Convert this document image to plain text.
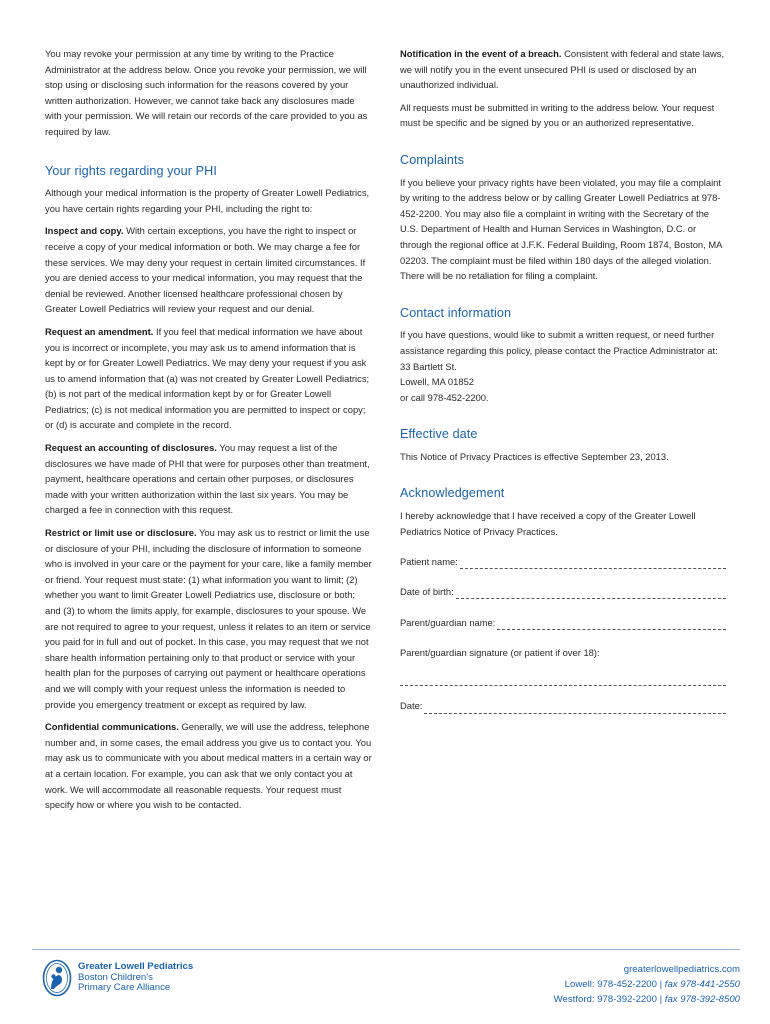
You may revoke your permission at any time by writing to the Practice Administrator at the address below. Once you revoke your permission, we will stop using or disclosing such information for the reasons covered by your written authorization. However, we cannot take back any disclosures made with your permission. We will retain our records of the care provided to you as required by law.

Your rights regarding your PHI

Although your medical information is the property of Greater Lowell Pediatrics, you have certain rights regarding your PHI, including the right to:

Inspect and copy. With certain exceptions, you have the right to inspect or receive a copy of your medical information or both. We may charge a fee for these services. We may deny your request in certain limited circumstances. If you are denied access to your medical information, you may request that the denial be reviewed. Another licensed healthcare professional chosen by Greater Lowell Pediatrics will review your request and our denial.

Request an amendment. If you feel that medical information we have about you is incorrect or incomplete, you may ask us to amend information that is kept by or for Greater Lowell Pediatrics. We may deny your request if you ask us to amend information that (a) was not created by Greater Lowell Pediatrics; (b) is not part of the medical information kept by or for Greater Lowell Pediatrics; (c) is not medical information you are permitted to inspect or copy; or (d) is accurate and complete in the record.

Request an accounting of disclosures. You may request a list of the disclosures we have made of PHI that were for purposes other than treatment, payment, healthcare operations and certain other purposes, or disclosures made with your written authorization within the last six years. You may be charged a fee in connection with this request.

Restrict or limit use or disclosure. You may ask us to restrict or limit the use or disclosure of your PHI, including the disclosure of information to someone who is involved in your care or the payment for your care, like a family member or friend. Your request must state: (1) what information you want to limit; (2) whether you want to limit Greater Lowell Pediatrics use, disclosure or both; and (3) to whom the limits apply, for example, disclosures to your spouse. We are not required to agree to your request, unless it relates to an item or service you paid for in full and out of pocket. In this case, you may request that we not share health information pertaining only to that product or service with your health plan for the purposes of carrying out payment or healthcare operations and we will comply with your request unless the information is needed to provide you emergency treatment or except as required by law.

Confidential communications. Generally, we will use the address, telephone number and, in some cases, the email address you give us to contact you. You may ask us to communicate with you about medical matters in a certain way or at a certain location. For example, you can ask that we only contact you at work. We will accommodate all reasonable requests. Your request must specify how or where you wish to be contacted.

Notification in the event of a breach. Consistent with federal and state laws, we will notify you in the event unsecured PHI is used or disclosed by an unauthorized individual.

All requests must be submitted in writing to the address below. Your request must be specific and be signed by you or an authorized representative.

Complaints

If you believe your privacy rights have been violated, you may file a complaint by writing to the address below or by calling Greater Lowell Pediatrics at 978-452-2200. You may also file a complaint in writing with the Secretary of the U.S. Department of Health and Human Services in Washington, D.C. or through the regional office at J.F.K. Federal Building, Room 1874, Boston, MA 02203. The complaint must be filed within 180 days of the alleged violation. There will be no retaliation for filing a complaint.

Contact information
If you have questions, would like to submit a written request, or need further assistance regarding this policy, please contact the Practice Administrator at:
33 Bartlett St.
Lowell, MA 01852
or call 978-452-2200.
Effective date

This Notice of Privacy Practices is effective September 23, 2013.

Acknowledgement

I hereby acknowledge that I have received a copy of the Greater Lowell Pediatrics Notice of Privacy Practices.

Patient name:
Date of birth:
Parent/guardian name:
Parent/guardian signature (or patient if over 18):
Date:
Greater Lowell Pediatrics
Boston Children's
Primary Care Alliance
greaterlowellpediatrics.com
Lowell: 978-452-2200 | fax 978-441-2550
Westford: 978-392-2200 | fax 978-392-8500
